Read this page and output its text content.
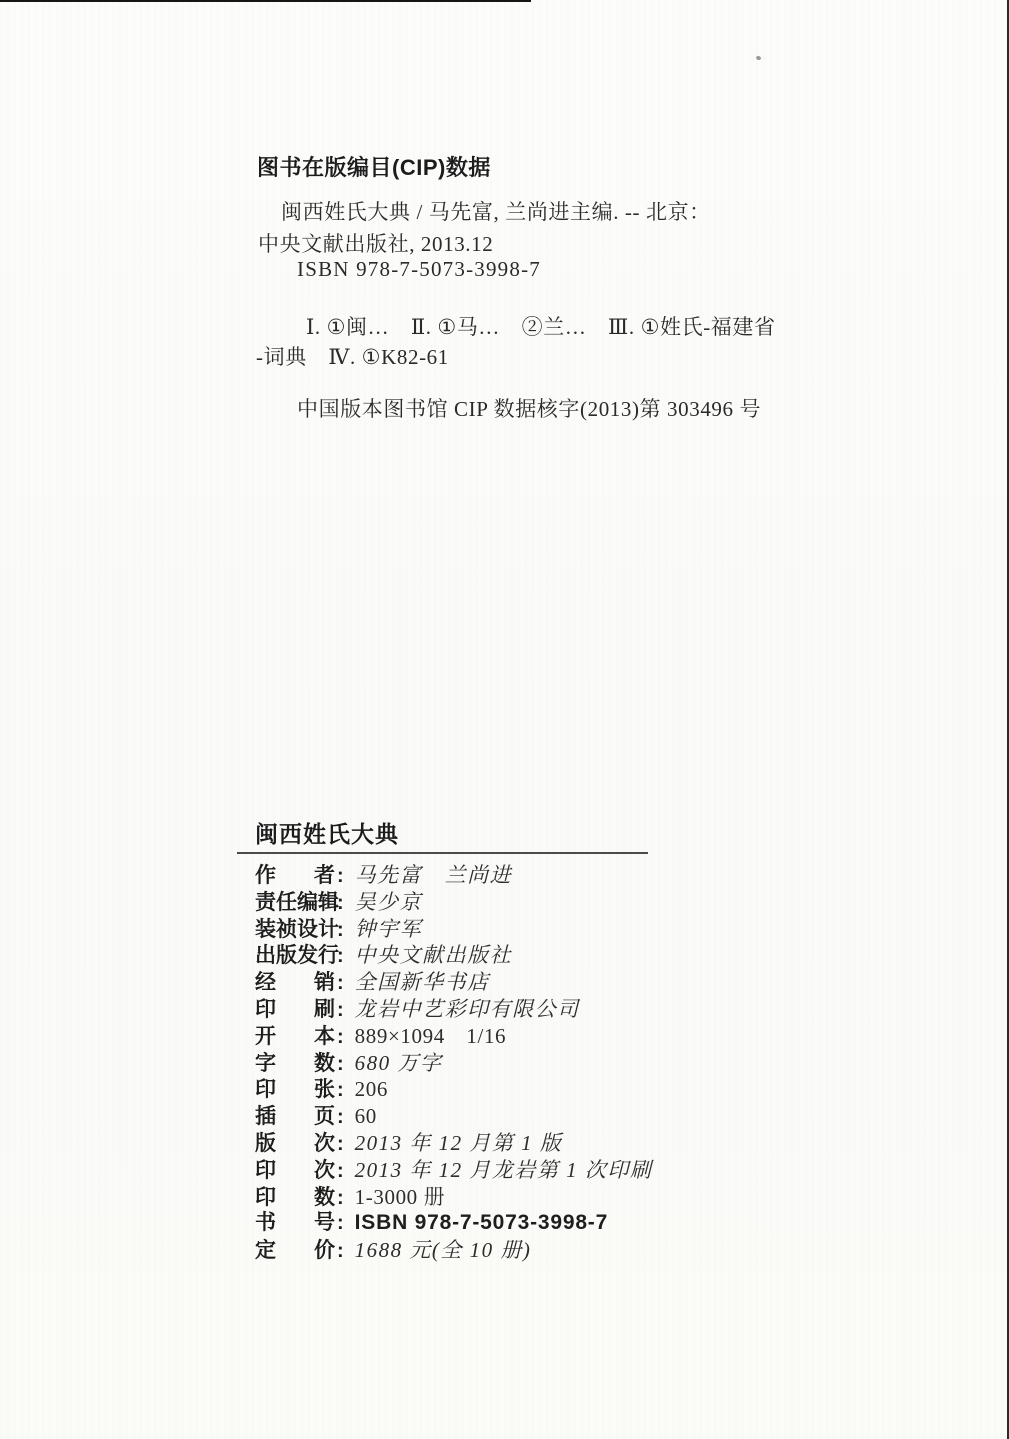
图书在版编目(CIP)数据
闽西姓氏大典 / 马先富, 兰尚进主编. -- 北京：
中央文献出版社, 2013.12
ISBN 978-7-5073-3998-7
Ⅰ. ①闽…　Ⅱ. ①马…　②兰…　Ⅲ. ①姓氏-福建省
-词典　Ⅳ. ①K82-61
中国版本图书馆 CIP 数据核字(2013)第 303496 号
闽西姓氏大典
作 者 : 马先富　兰尚进
责 任 编 辑
: 吴少京
装 祯 设 计
: 钟宇军
出 版 发 行
: 中央文献出版社
经 销 : 全国新华书店
印 刷 : 龙岩中艺彩印有限公司
开 本 : 889×1094　1/16
字 数 : 680 万字
印 张 : 206
插 页 : 60
版 次 : 2013 年 12 月第 1 版
印 次 : 2013 年 12 月龙岩第 1 次印刷
印 数 : 1-3000 册
书 号 : ISBN 978-7-5073-3998-7
定 价 : 1688 元(全 10 册)
